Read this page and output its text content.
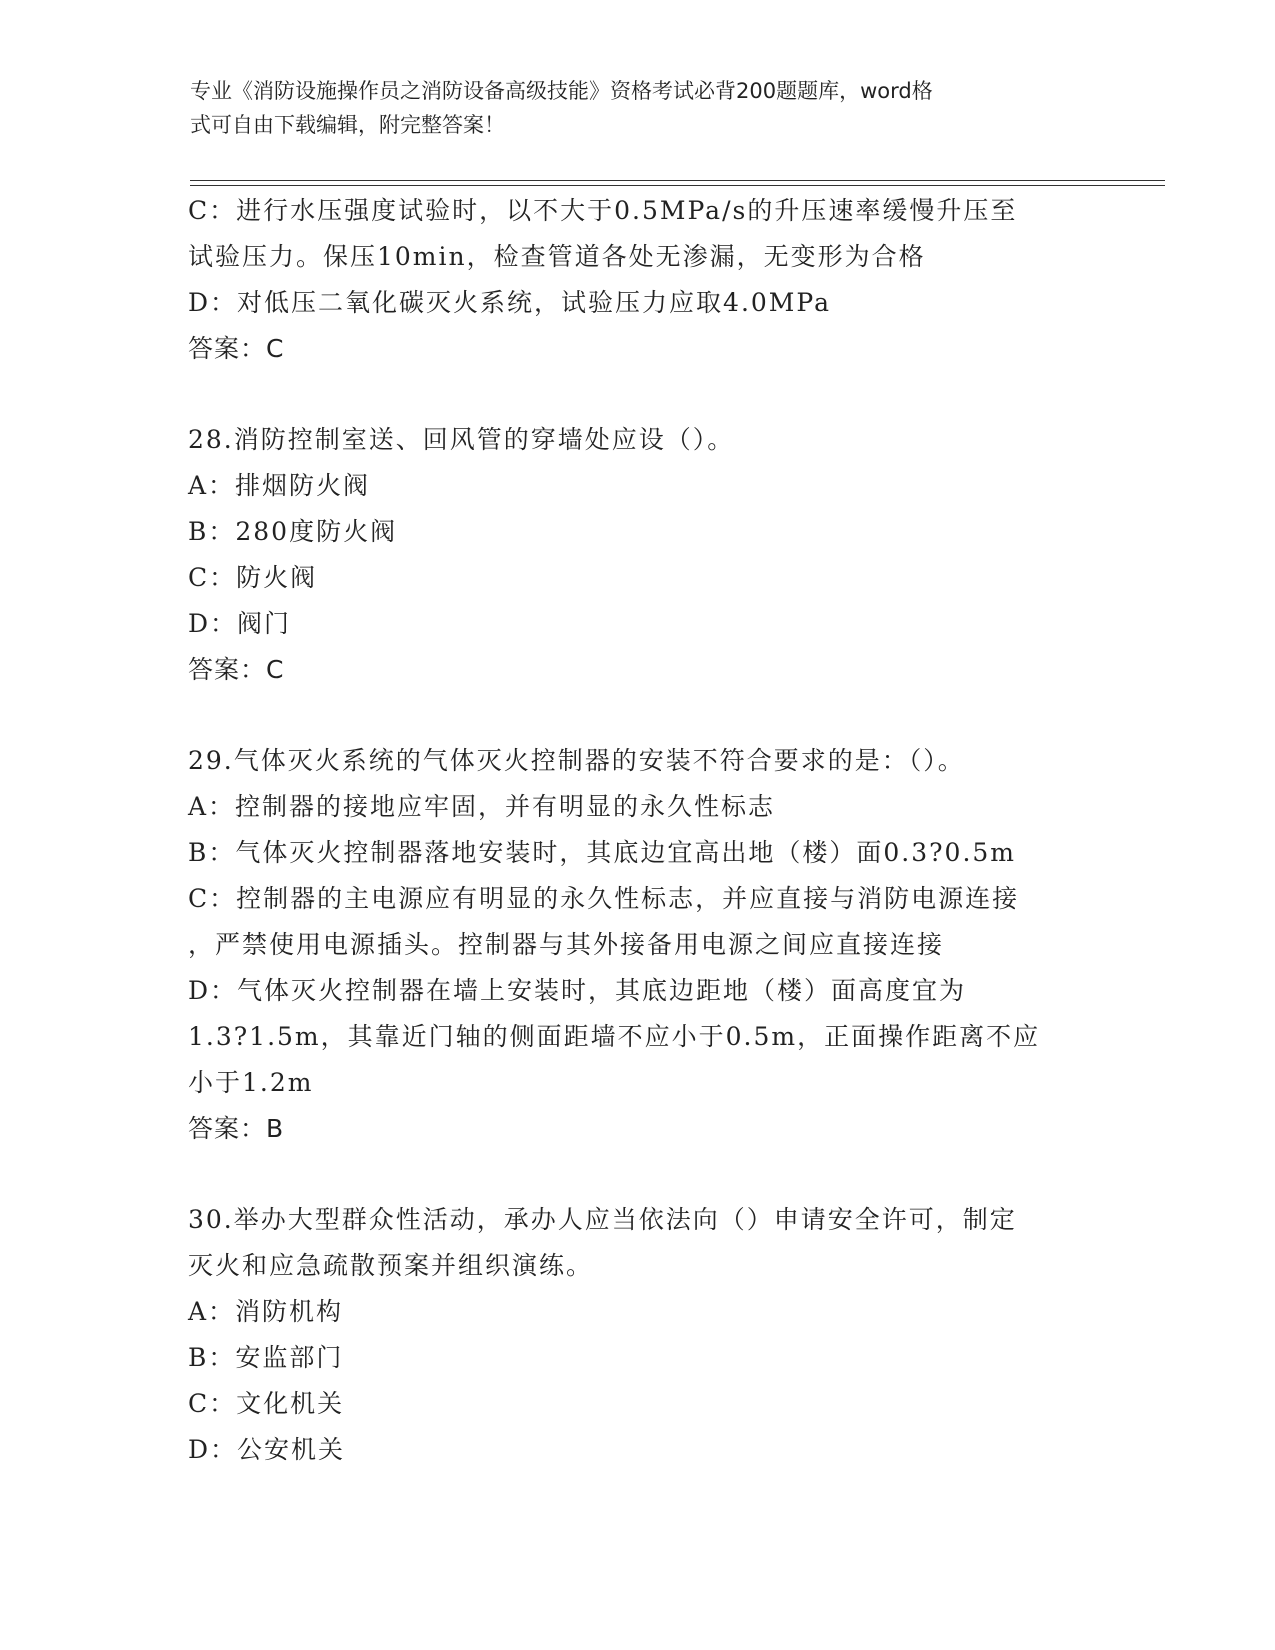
专业《消防设施操作员之消防设备高级技能》资格考试必背200题题库，word格
式可自由下载编辑，附完整答案！
C：进行水压强度试验时，以不大于0.5MPa/s的升压速率缓慢升压至
试验压力。保压10min，检查管道各处无渗漏，无变形为合格
D：对低压二氧化碳灭火系统，试验压力应取4.0MPa
答案：C
28.消防控制室送、回风管的穿墙处应设（）。
A：排烟防火阀
B：280度防火阀
C：防火阀
D：阀门
答案：C
29.气体灭火系统的气体灭火控制器的安装不符合要求的是：（）。
A：控制器的接地应牢固，并有明显的永久性标志
B：气体灭火控制器落地安装时，其底边宜高出地（楼）面0.3?0.5m
C：控制器的主电源应有明显的永久性标志，并应直接与消防电源连接
，严禁使用电源插头。控制器与其外接备用电源之间应直接连接
D：气体灭火控制器在墙上安装时，其底边距地（楼）面高度宜为
1.3?1.5m，其靠近门轴的侧面距墙不应小于0.5m，正面操作距离不应
小于1.2m
答案：B
30.举办大型群众性活动，承办人应当依法向（）申请安全许可，制定
灭火和应急疏散预案并组织演练。
A：消防机构
B：安监部门
C：文化机关
D：公安机关
